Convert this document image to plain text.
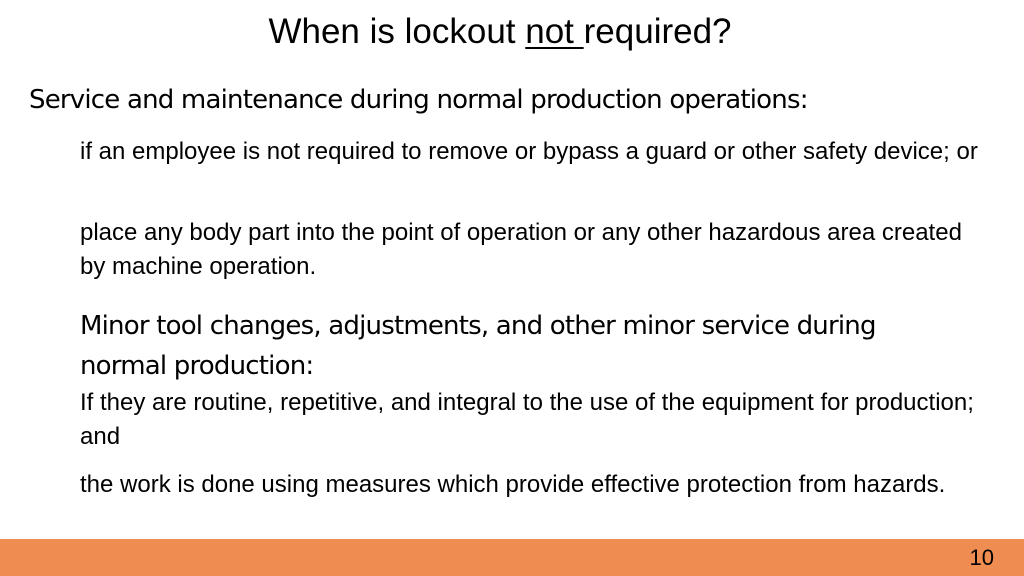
When is lockout not required?
Service and maintenance during normal production operations:
if an employee is not required to remove or bypass a guard or other safety device; or
place any body part into the point of operation or any other hazardous area created by machine operation.
Minor tool changes, adjustments, and other minor service during normal production:
If they are routine, repetitive, and integral to the use of the equipment for production; and
the work is done using measures which provide effective protection from hazards.
10
